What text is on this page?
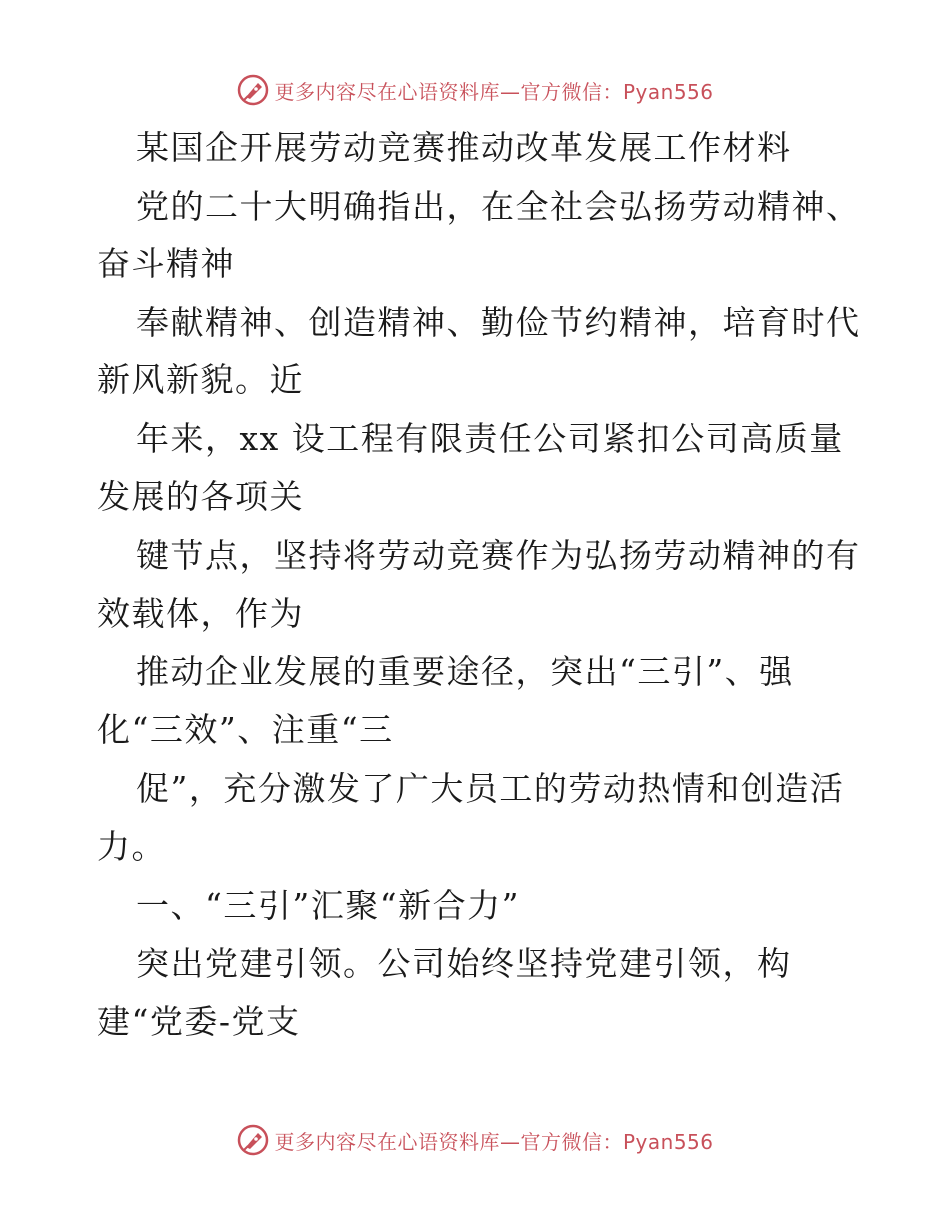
更多内容尽在心语资料库—官方微信：Pyan556
某国企开展劳动竞赛推动改革发展工作材料
党的二十大明确指出，在全社会弘扬劳动精神、
奋斗精神
奉献精神、创造精神、勤俭节约精神，培育时代
新风新貌。近
年来，xx 设工程有限责任公司紧扣公司高质量
发展的各项关
键节点，坚持将劳动竞赛作为弘扬劳动精神的有
效载体，作为
推动企业发展的重要途径，突出“三引”、强
化“三效”、注重“三
促”，充分激发了广大员工的劳动热情和创造活
力。
一、“三引”汇聚“新合力”
突出党建引领。公司始终坚持党建引领，构
建“党委-党支
更多内容尽在心语资料库—官方微信：Pyan556
